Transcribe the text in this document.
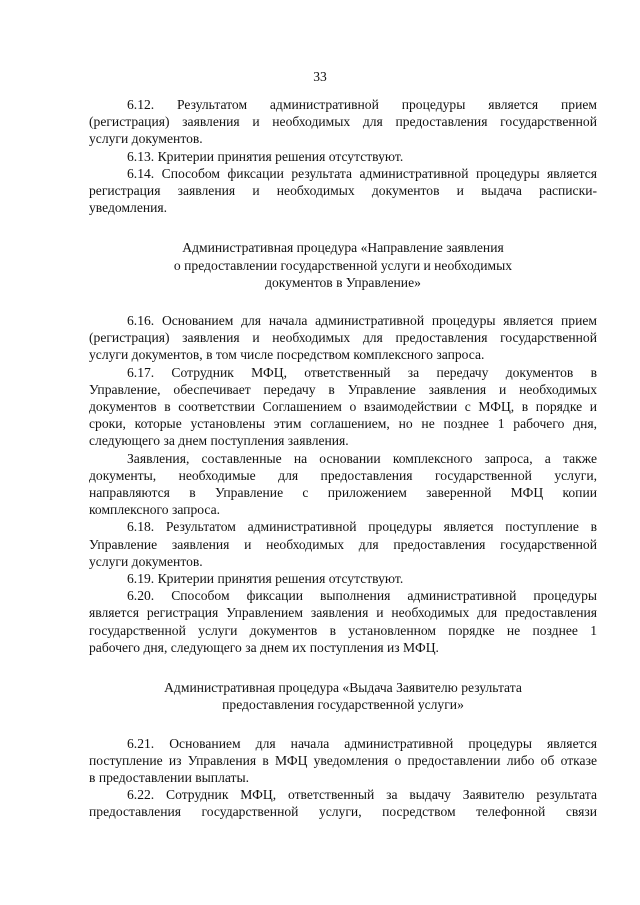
33
6.12. Результатом административной процедуры является прием
(регистрация) заявления и необходимых для предоставления государственной
услуги документов.
6.13. Критерии принятия решения отсутствуют.
6.14. Способом фиксации результата административной процедуры является
регистрация заявления и необходимых документов и выдача расписки-
уведомления.
Административная процедура «Направление заявления
о предоставлении государственной услуги и необходимых
документов в Управление»
6.16. Основанием для начала административной процедуры является прием
(регистрация) заявления и необходимых для предоставления государственной
услуги документов, в том числе посредством комплексного запроса.
6.17. Сотрудник МФЦ, ответственный за передачу документов в
Управление, обеспечивает передачу в Управление заявления и необходимых
документов в соответствии Соглашением о взаимодействии с МФЦ, в порядке и
сроки, которые установлены этим соглашением, но не позднее 1 рабочего дня,
следующего за днем поступления заявления.
Заявления, составленные на основании комплексного запроса, а также
документы, необходимые для предоставления государственной услуги,
направляются в Управление с приложением заверенной МФЦ копии
комплексного запроса.
6.18. Результатом административной процедуры является поступление в
Управление заявления и необходимых для предоставления государственной
услуги документов.
6.19. Критерии принятия решения отсутствуют.
6.20. Способом фиксации выполнения административной процедуры
является регистрация Управлением заявления и необходимых для предоставления
государственной услуги документов в установленном порядке не позднее 1
рабочего дня, следующего за днем их поступления из МФЦ.
Административная процедура «Выдача Заявителю результата
предоставления государственной услуги»
6.21. Основанием для начала административной процедуры является
поступление из Управления в МФЦ уведомления о предоставлении либо об отказе
в предоставлении выплаты.
6.22. Сотрудник МФЦ, ответственный за выдачу Заявителю результата
предоставления государственной услуги, посредством телефонной связи
